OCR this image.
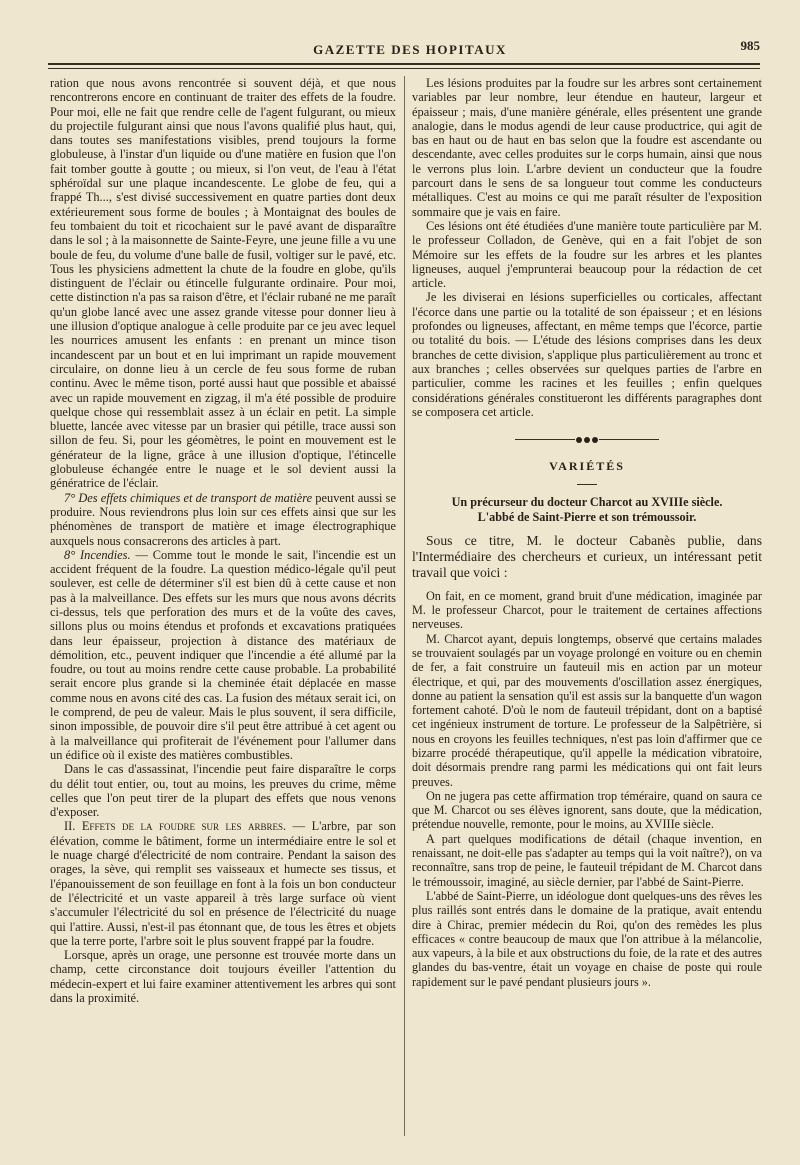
GAZETTE DES HOPITAUX	985

ration que nous avons rencontrée si souvent déjà, et que nous rencontrerons encore en continuant de traiter des effets de la foudre. Pour moi, elle ne fait que rendre celle de l'agent fulgurant, ou mieux du projectile fulgurant ainsi que nous l'avons qualifié plus haut, qui, dans toutes ses manifestations visibles, prend toujours la forme globuleuse, à l'instar d'un liquide ou d'une matière en fusion que l'on fait tomber goutte à goutte ; ou mieux, si l'on veut, de l'eau à l'état sphéroïdal sur une plaque incandescente. Le globe de feu, qui a frappé Th..., s'est divisé successivement en quatre parties dont deux extérieurement sous forme de boules ; à Montaignat des boules de feu tombaient du toit et ricochaient sur le pavé avant de disparaître dans le sol ; à la maisonnette de Sainte-Feyre, une jeune fille a vu une boule de feu, du volume d'une balle de fusil, voltiger sur le pavé, etc. Tous les physiciens admettent la chute de la foudre en globe, qu'ils distinguent de l'éclair ou étincelle fulgurante ordinaire. Pour moi, cette distinction n'a pas sa raison d'être, et l'éclair rubané ne me paraît qu'un globe lancé avec une assez grande vitesse pour donner lieu à une illusion d'optique analogue à celle produite par ce jeu avec lequel les nourrices amusent les enfants : en prenant un mince tison incandescent par un bout et en lui imprimant un rapide mouvement circulaire, on donne lieu à un cercle de feu sous forme de ruban continu. Avec le même tison, porté aussi haut que possible et abaissé avec un rapide mouvement en zigzag, il m'a été possible de produire quelque chose qui ressemblait assez à un éclair en petit. La simple bluette, lancée avec vitesse par un brasier qui pétille, trace aussi son sillon de feu. Si, pour les géomètres, le point en mouvement est le générateur de la ligne, grâce à une illusion d'optique, l'étincelle globuleuse échangée entre le nuage et le sol devient aussi la génératrice de l'éclair.

7° Des effets chimiques et de transport de matière peuvent aussi se produire. Nous reviendrons plus loin sur ces effets ainsi que sur les phénomènes de transport de matière et image électrographique auxquels nous consacrerons des articles à part.

8° Incendies. — Comme tout le monde le sait, l'incendie est un accident fréquent de la foudre. La question médico-légale qu'il peut soulever, est celle de déterminer s'il est bien dû à cette cause et non pas à la malveillance. Des effets sur les murs que nous avons décrits ci-dessus, tels que perforation des murs et de la voûte des caves, sillons plus ou moins étendus et profonds et excavations pratiquées dans leur épaisseur, projection à distance des matériaux de démolition, etc., peuvent indiquer que l'incendie a été allumé par la foudre, ou tout au moins rendre cette cause probable. La probabilité serait encore plus grande si la cheminée était déplacée en masse comme nous en avons cité des cas. La fusion des métaux serait ici, on le comprend, de peu de valeur. Mais le plus souvent, il sera difficile, sinon impossible, de pouvoir dire s'il peut être attribué à cet agent ou à la malveillance qui profiterait de l'événement pour l'allumer dans un édifice où il existe des matières combustibles.

Dans le cas d'assassinat, l'incendie peut faire disparaître le corps du délit tout entier, ou, tout au moins, les preuves du crime, même celles que l'on peut tirer de la plupart des effets que nous venons d'exposer.

II. Effets de la foudre sur les arbres. — L'arbre, par son élévation, comme le bâtiment, forme un intermédiaire entre le sol et le nuage chargé d'électricité de nom contraire. Pendant la saison des orages, la sève, qui remplit ses vaisseaux et humecte ses tissus, et l'épanouissement de son feuillage en font à la fois un bon conducteur de l'électricité et un vaste appareil à très large surface où vient s'accumuler l'électricité du sol en présence de l'électricité du nuage qui l'attire. Aussi, n'est-il pas étonnant que, de tous les êtres et objets que la terre porte, l'arbre soit le plus souvent frappé par la foudre.

Lorsque, après un orage, une personne est trouvée morte dans un champ, cette circonstance doit toujours éveiller l'attention du médecin-expert et lui faire examiner attentivement les arbres qui sont dans la proximité.

Les lésions produites par la foudre sur les arbres sont certainement variables par leur nombre, leur étendue en hauteur, largeur et épaisseur ; mais, d'une manière générale, elles présentent une grande analogie, dans le modus agendi de leur cause productrice, qui agit de bas en haut ou de haut en bas selon que la foudre est ascendante ou descendante, avec celles produites sur le corps humain, ainsi que nous le verrons plus loin. L'arbre devient un conducteur que la foudre parcourt dans le sens de sa longueur tout comme les conducteurs métalliques. C'est au moins ce qui me paraît résulter de l'exposition sommaire que je vais en faire.

Ces lésions ont été étudiées d'une manière toute particulière par M. le professeur Colladon, de Genève, qui en a fait l'objet de son Mémoire sur les effets de la foudre sur les arbres et les plantes ligneuses, auquel j'emprunterai beaucoup pour la rédaction de cet article.

Je les diviserai en lésions superficielles ou corticales, affectant l'écorce dans une partie ou la totalité de son épaisseur ; et en lésions profondes ou ligneuses, affectant, en même temps que l'écorce, partie ou totalité du bois. — L'étude des lésions comprises dans les deux branches de cette division, s'applique plus particulièrement au tronc et aux branches ; celles observées sur quelques parties de l'arbre en particulier, comme les racines et les feuilles ; enfin quelques considérations générales constitueront les différents paragraphes dont se composera cet article.

VARIÉTÉS
Un précurseur du docteur Charcot au XVIIIe siècle.
L'abbé de Saint-Pierre et son trémoussoir.

Sous ce titre, M. le docteur Cabanès publie, dans l'Intermédiaire des chercheurs et curieux, un intéressant petit travail que voici :

On fait, en ce moment, grand bruit d'une médication, imaginée par M. le professeur Charcot, pour le traitement de certaines affections nerveuses.

M. Charcot ayant, depuis longtemps, observé que certains malades se trouvaient soulagés par un voyage prolongé en voiture ou en chemin de fer, a fait construire un fauteuil mis en action par un moteur électrique, et qui, par des mouvements d'oscillation assez énergiques, donne au patient la sensation qu'il est assis sur la banquette d'un wagon fortement cahoté. D'où le nom de fauteuil trépidant, dont on a baptisé cet ingénieux instrument de torture. Le professeur de la Salpêtrière, si nous en croyons les feuilles techniques, n'est pas loin d'affirmer que ce bizarre procédé thérapeutique, qu'il appelle la médication vibratoire, doit désormais prendre rang parmi les médications qui ont fait leurs preuves.

On ne jugera pas cette affirmation trop téméraire, quand on saura ce que M. Charcot ou ses élèves ignorent, sans doute, que la médication, prétendue nouvelle, remonte, pour le moins, au XVIIIe siècle.

A part quelques modifications de détail (chaque invention, en renaissant, ne doit-elle pas s'adapter au temps qui la voit naître?), on va reconnaître, sans trop de peine, le fauteuil trépidant de M. Charcot dans le trémoussoir, imaginé, au siècle dernier, par l'abbé de Saint-Pierre.

L'abbé de Saint-Pierre, un idéologue dont quelques-uns des rêves les plus raillés sont entrés dans le domaine de la pratique, avait entendu dire à Chirac, premier médecin du Roi, qu'on des remèdes les plus efficaces « contre beaucoup de maux que l'on attribue à la mélancolie, aux vapeurs, à la bile et aux obstructions du foie, de la rate et des autres glandes du bas-ventre, était un voyage en chaise de poste qui roule rapidement sur le pavé pendant plusieurs jours ».
